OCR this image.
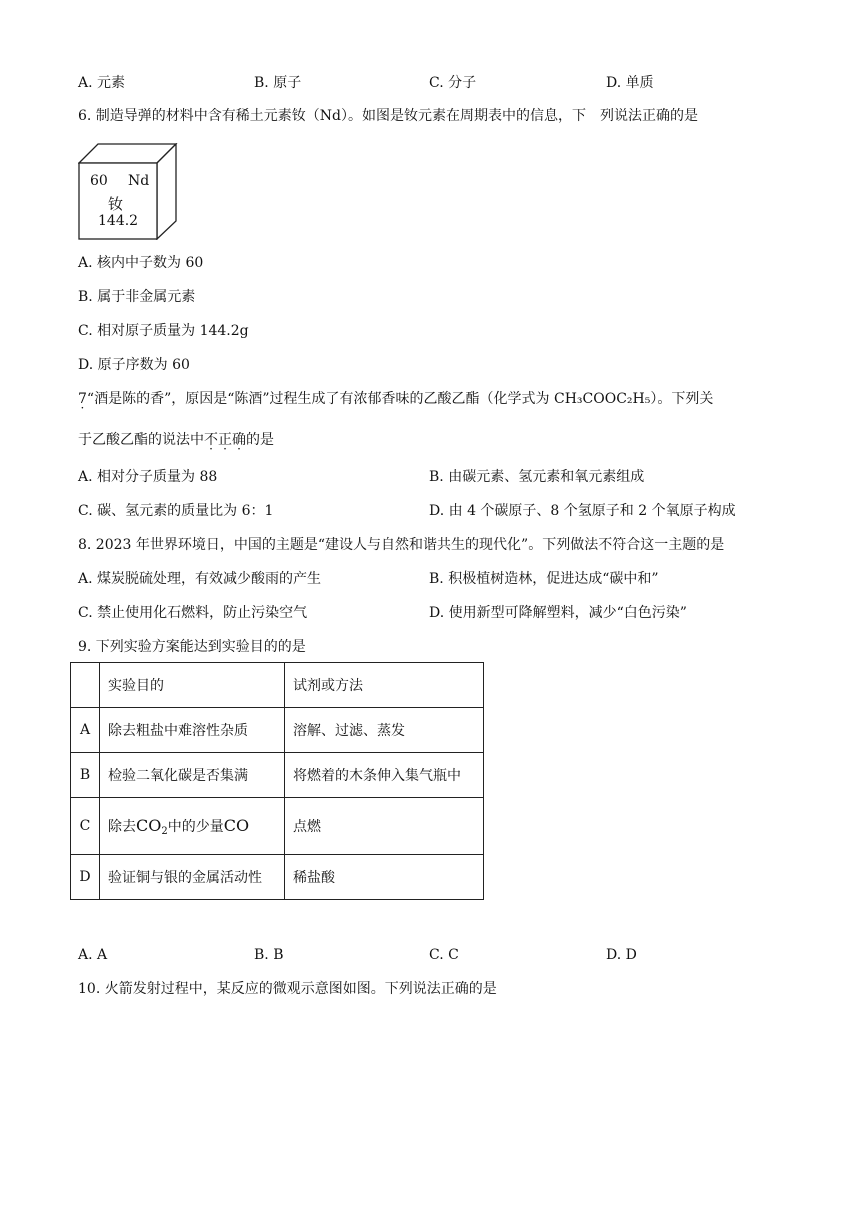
A. 元素	B. 原子	C. 分子	D. 单质
6. 制造导弹的材料中含有稀土元素钕（Nd）。如图是钕元素在周期表中的信息，下　列说法正确的是
60 Nd
钕
144.2
A. 核内中子数为 60
B. 属于非金属元素
C. 相对原子质量为 144.2g
D. 原子序数为 60
7 ·“酒是陈的香”，原因是“陈酒”过程生成了有浓郁香味的乙酸乙酯（化学式为 CH₃COOC₂H₅）。下列关
于乙酸乙酯的说法中不正确的是
A. 相对分子质量为 88	B. 由碳元素、氢元素和氧元素组成
C. 碳、氢元素的质量比为 6：1	D. 由 4 个碳原子、8 个氢原子和 2 个氧原子构成
8. 2023 年世界环境日，中国的主题是“建设人与自然和谐共生的现代化”。下列做法不符合这一主题的是
A. 煤炭脱硫处理，有效减少酸雨的产生	B. 积极植树造林，促进达成“碳中和”
C. 禁止使用化石燃料，防止污染空气	D. 使用新型可降解塑料，减少“白色污染”
9. 下列实验方案能达到实验目的的是
	实验目的	试剂或方法
A	除去粗盐中难溶性杂质	溶解、过滤、蒸发
B	检验二氧化碳是否集满	将燃着的木条伸入集气瓶中
C	除去$CO_2$中的少量CO	点燃
D	验证铜与银的金属活动性	稀盐酸
A. A	B. B	C. C	D. D
10. 火箭发射过程中，某反应的微观示意图如图。下列说法正确的是
